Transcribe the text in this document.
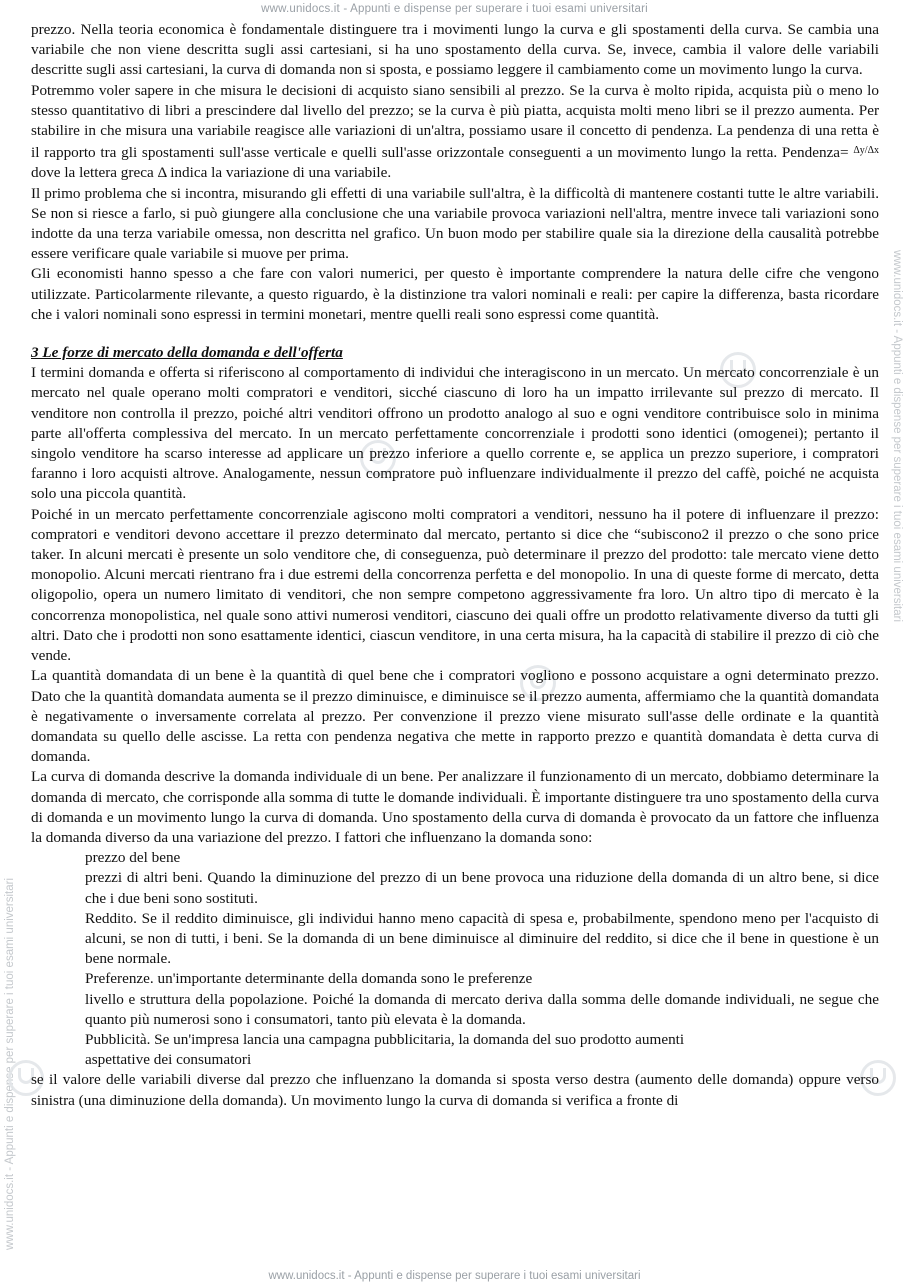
www.unidocs.it - Appunti e dispense per superare i tuoi esami universitari
www.unidocs.it - Appunti e dispense per superare i tuoi esami universitari
www.unidocs.it - Appunti e dispense per superare i tuoi esami universitari

prezzo. Nella teoria economica è fondamentale distinguere tra i movimenti lungo la curva e gli spostamenti della curva. Se cambia una variabile che non viene descritta sugli assi cartesiani, si ha uno spostamento della curva. Se, invece, cambia il valore delle variabili descritte sugli assi cartesiani, la curva di domanda non si sposta, e possiamo leggere il cambiamento come un movimento lungo la curva.

Potremmo voler sapere in che misura le decisioni di acquisto siano sensibili al prezzo. Se la curva è molto ripida, acquista più o meno lo stesso quantitativo di libri a prescindere dal livello del prezzo; se la curva è più piatta, acquista molti meno libri se il prezzo aumenta. Per stabilire in che misura una variabile reagisce alle variazioni di un'altra, possiamo usare il concetto di pendenza. La pendenza di una retta è il rapporto tra gli spostamenti sull'asse verticale e quelli sull'asse orizzontale conseguenti a un movimento lungo la retta. Pendenza= $^{\Delta y/\Delta x}$ dove la lettera greca Δ indica la variazione di una variabile.

Il primo problema che si incontra, misurando gli effetti di una variabile sull'altra, è la difficoltà di mantenere costanti tutte le altre variabili. Se non si riesce a farlo, si può giungere alla conclusione che una variabile provoca variazioni nell'altra, mentre invece tali variazioni sono indotte da una terza variabile omessa, non descritta nel grafico. Un buon modo per stabilire quale sia la direzione della causalità potrebbe essere verificare quale variabile si muove per prima.

Gli economisti hanno spesso a che fare con valori numerici, per questo è importante comprendere la natura delle cifre che vengono utilizzate. Particolarmente rilevante, a questo riguardo, è la distinzione tra valori nominali e reali: per capire la differenza, basta ricordare che i valori nominali sono espressi in termini monetari, mentre quelli reali sono espressi come quantità.

3 Le forze di mercato della domanda e dell'offerta

I termini domanda e offerta si riferiscono al comportamento di individui che interagiscono in un mercato. Un mercato concorrenziale è un mercato nel quale operano molti compratori e venditori, sicché ciascuno di loro ha un impatto irrilevante sul prezzo di mercato. Il venditore non controlla il prezzo, poiché altri venditori offrono un prodotto analogo al suo e ogni venditore contribuisce solo in minima parte all'offerta complessiva del mercato. In un mercato perfettamente concorrenziale i prodotti sono identici (omogenei); pertanto il singolo venditore ha scarso interesse ad applicare un prezzo inferiore a quello corrente e, se applica un prezzo superiore, i compratori faranno i loro acquisti altrove. Analogamente, nessun compratore può influenzare individualmente il prezzo del caffè, poiché ne acquista solo una piccola quantità.

Poiché in un mercato perfettamente concorrenziale agiscono molti compratori a venditori, nessuno ha il potere di influenzare il prezzo: compratori e venditori devono accettare il prezzo determinato dal mercato, pertanto si dice che “subiscono2 il prezzo o che sono price taker. In alcuni mercati è presente un solo venditore che, di conseguenza, può determinare il prezzo del prodotto: tale mercato viene detto monopolio. Alcuni mercati rientrano fra i due estremi della concorrenza perfetta e del monopolio. In una di queste forme di mercato, detta oligopolio, opera un numero limitato di venditori, che non sempre competono aggressivamente fra loro. Un altro tipo di mercato è la concorrenza monopolistica, nel quale sono attivi numerosi venditori, ciascuno dei quali offre un prodotto relativamente diverso da tutti gli altri. Dato che i prodotti non sono esattamente identici, ciascun venditore, in una certa misura, ha la capacità di stabilire il prezzo di ciò che vende.

La quantità domandata di un bene è la quantità di quel bene che i compratori vogliono e possono acquistare a ogni determinato prezzo. Dato che la quantità domandata aumenta se il prezzo diminuisce, e diminuisce se il prezzo aumenta, affermiamo che la quantità domandata è negativamente o inversamente correlata al prezzo. Per convenzione il prezzo viene misurato sull'asse delle ordinate e la quantità domandata su quello delle ascisse. La retta con pendenza negativa che mette in rapporto prezzo e quantità domandata è detta curva di domanda.

La curva di domanda descrive la domanda individuale di un bene. Per analizzare il funzionamento di un mercato, dobbiamo determinare la domanda di mercato, che corrisponde alla somma di tutte le domande individuali. È importante distinguere tra uno spostamento della curva di domanda e un movimento lungo la curva di domanda. Uno spostamento della curva di domanda è provocato da un fattore che influenza la domanda diverso da una variazione del prezzo. I fattori che influenzano la domanda sono:

prezzo del bene

prezzi di altri beni. Quando la diminuzione del prezzo di un bene provoca una riduzione della domanda di un altro bene, si dice che i due beni sono sostituti.

Reddito. Se il reddito diminuisce, gli individui hanno meno capacità di spesa e, probabilmente, spendono meno per l'acquisto di alcuni, se non di tutti, i beni. Se la domanda di un bene diminuisce al diminuire del reddito, si dice che il bene in questione è un bene normale.

Preferenze. un'importante determinante della domanda sono le preferenze

livello e struttura della popolazione. Poiché la domanda di mercato deriva dalla somma delle domande individuali, ne segue che quanto più numerosi sono i consumatori, tanto più elevata è la domanda.

Pubblicità. Se un'impresa lancia una campagna pubblicitaria, la domanda del suo prodotto aumenti

aspettative dei consumatori

se il valore delle variabili diverse dal prezzo che influenzano la domanda si sposta verso destra (aumento delle domanda) oppure verso sinistra (una diminuzione della domanda). Un movimento lungo la curva di domanda si verifica a fronte di

www.unidocs.it - Appunti e dispense per superare i tuoi esami universitari
